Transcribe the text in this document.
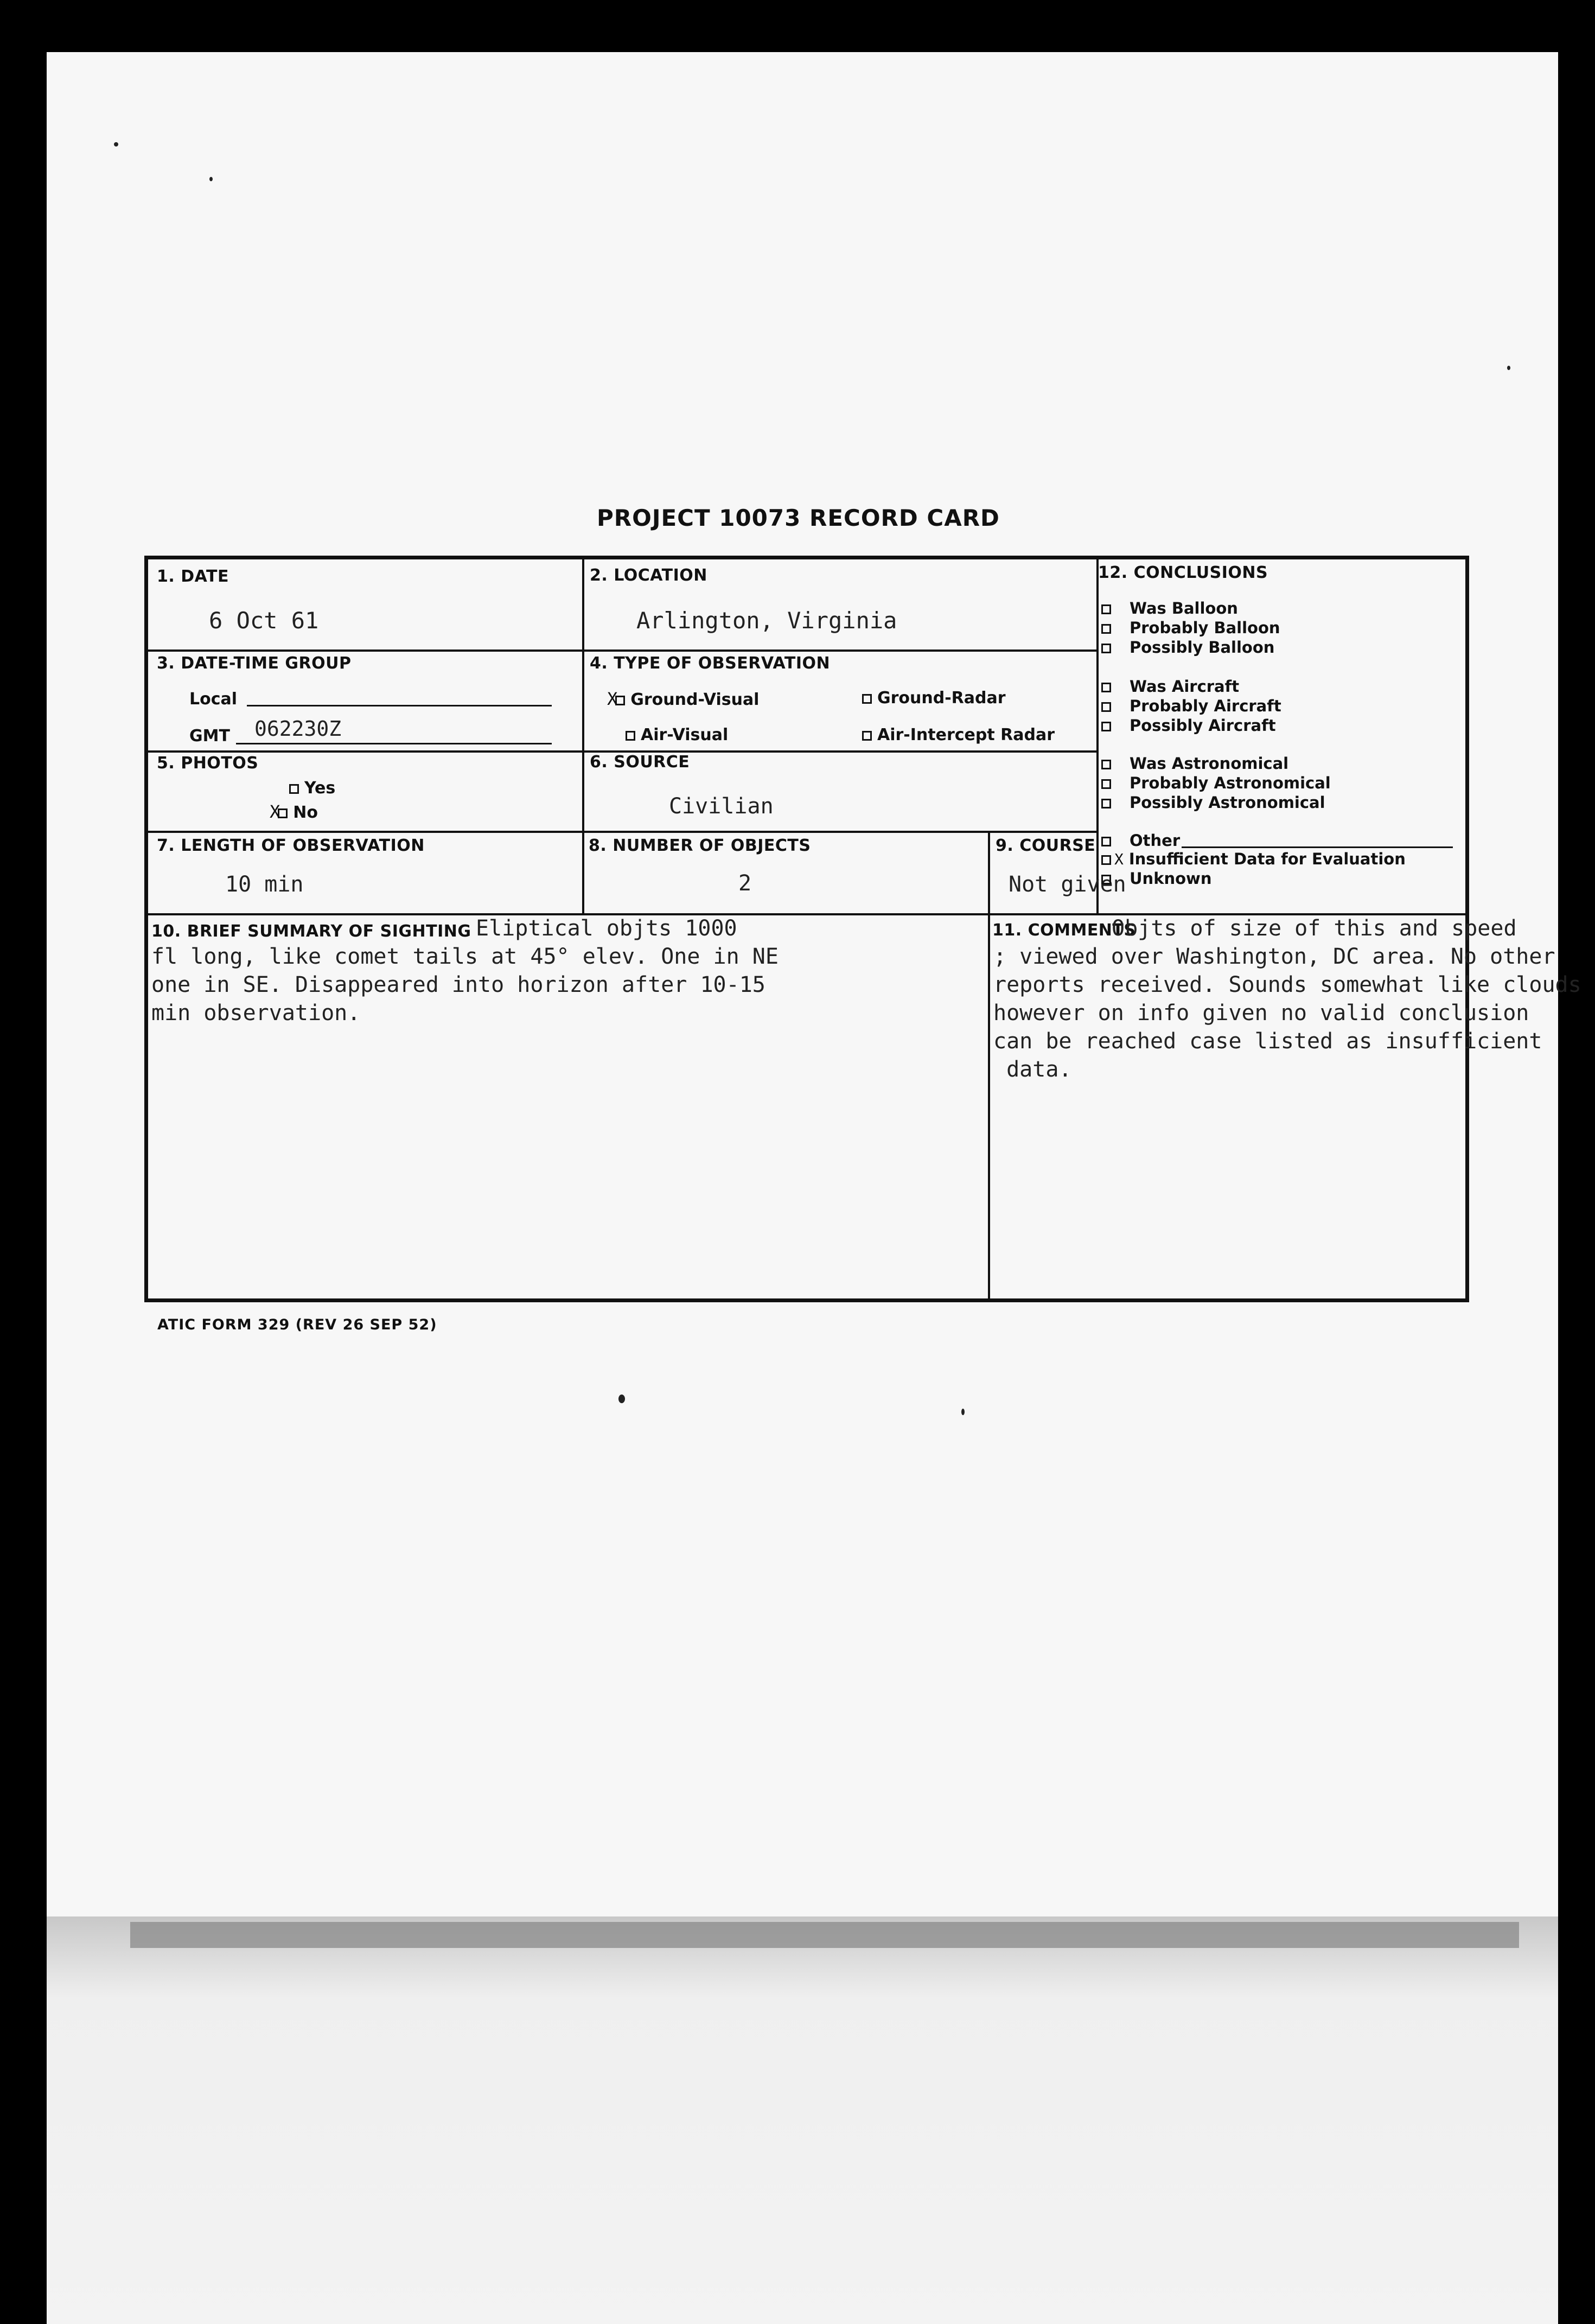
PROJECT 10073 RECORD CARD
1. DATE
6 Oct 61
2. LOCATION
Arlington, Virginia
3. DATE-TIME GROUP
Local
GMT 062230Z
4. TYPE OF OBSERVATION
X Ground-Visual	Ground-Radar
Air-Visual	Air-Intercept Radar
5. PHOTOS
Yes
X No
6. SOURCE
Civilian
7. LENGTH OF OBSERVATION
10 min
8. NUMBER OF OBJECTS
2
9. COURSE
Not given
10. BRIEF SUMMARY OF SIGHTING Eliptical objts 1000
fl long, like comet tails at 45° elev. One in NE
one in SE. Disappeared into horizon after 10-15
min observation.
11. COMMENTS
Objts of size of this and speed
; viewed over Washington, DC area. No other
reports received. Sounds somewhat like clouds
however on info given no valid conclusion
can be reached case listed as insufficient
data.
12. CONCLUSIONS
Was Balloon
Probably Balloon
Possibly Balloon
Was Aircraft
Probably Aircraft
Possibly Aircraft
Was Astronomical
Probably Astronomical
Possibly Astronomical
Other
X Insufficient Data for Evaluation
Unknown
ATIC FORM 329 (REV 26 SEP 52)
